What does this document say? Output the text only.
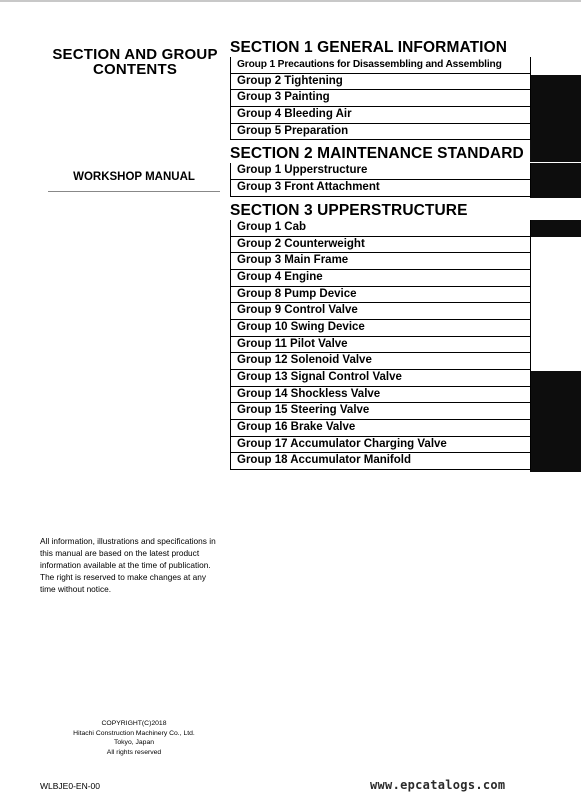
SECTION AND GROUP
CONTENTS
WORKSHOP MANUAL
All information, illustrations and specifications in this manual are based on the latest product information available at the time of publication. The right is reserved to make changes at any time without notice.
COPYRIGHT(C)2018
Hitachi Construction Machinery Co., Ltd.
Tokyo, Japan
All rights reserved
WLBJE0-EN-00	www.epcatalogs.com
SECTION 1 GENERAL INFORMATION
Group 1 Precautions for Disassembling and Assembling
Group 2 Tightening
Group 3 Painting
Group 4 Bleeding Air
Group 5 Preparation
SECTION 2 MAINTENANCE STANDARD
Group 1 Upperstructure
Group 3 Front Attachment
SECTION 3 UPPERSTRUCTURE
Group 1 Cab
Group 2 Counterweight
Group 3 Main Frame
Group 4 Engine
Group 8 Pump Device
Group 9 Control Valve
Group 10 Swing Device
Group 11 Pilot Valve
Group 12 Solenoid Valve
Group 13 Signal Control Valve
Group 14 Shockless Valve
Group 15 Steering Valve
Group 16 Brake Valve
Group 17 Accumulator Charging Valve
Group 18 Accumulator Manifold
